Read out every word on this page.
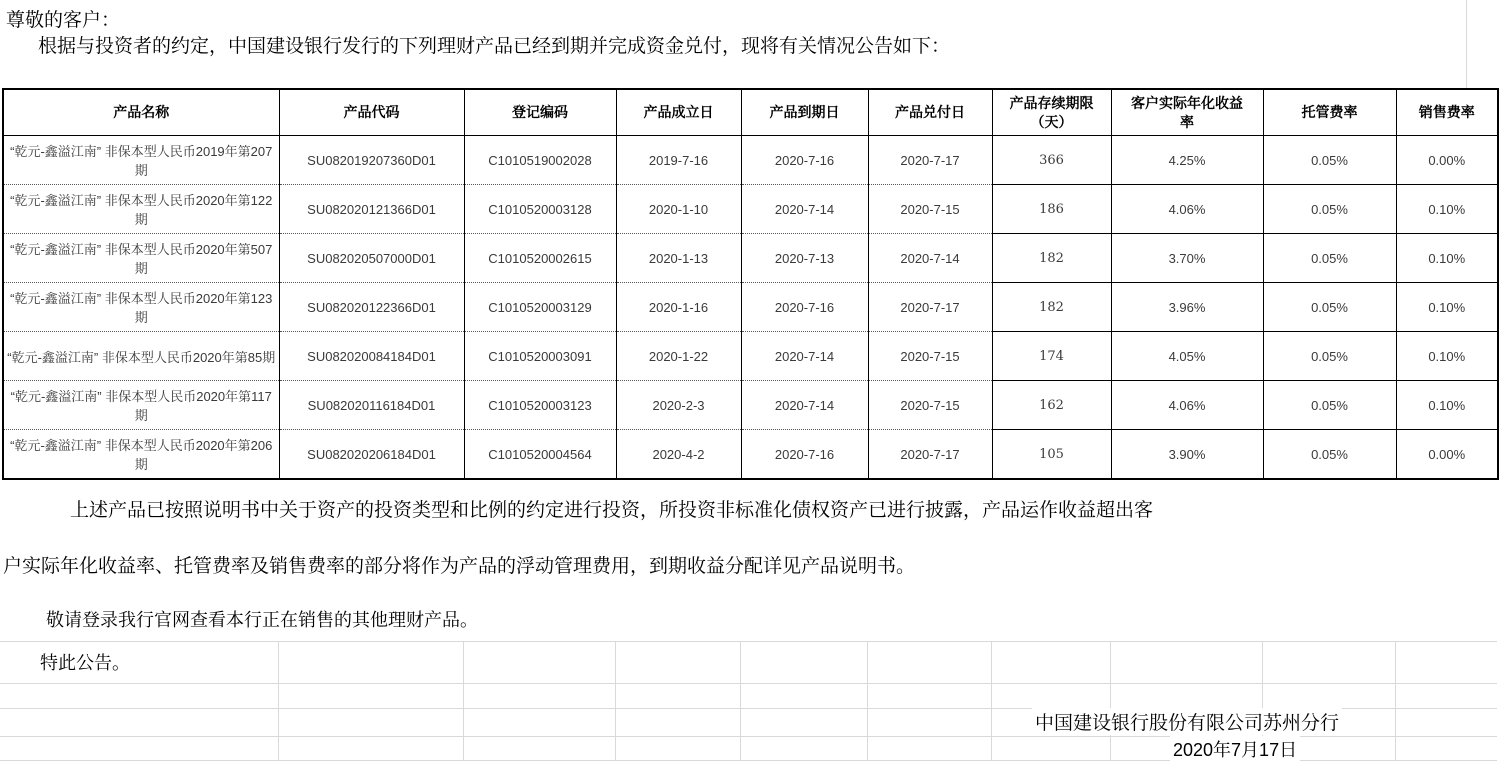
尊敬的客户：
根据与投资者的约定，中国建设银行发行的下列理财产品已经到期并完成资金兑付，现将有关情况公告如下：
产品名称	产品代码	登记编码	产品成立日	产品到期日	产品兑付日	产品存续期限（天）	客户实际年化收益率	托管费率	销售费率
“乾元-鑫溢江南” 非保本型人民币2019年第207期	SU082019207360D01	C1010519002028	2019-7-16	2020-7-16	2020-7-17	366	4.25%	0.05%	0.00%
“乾元-鑫溢江南” 非保本型人民币2020年第122期	SU082020121366D01	C1010520003128	2020-1-10	2020-7-14	2020-7-15	186	4.06%	0.05%	0.10%
“乾元-鑫溢江南” 非保本型人民币2020年第507期	SU082020507000D01	C1010520002615	2020-1-13	2020-7-13	2020-7-14	182	3.70%	0.05%	0.10%
“乾元-鑫溢江南” 非保本型人民币2020年第123期	SU082020122366D01	C1010520003129	2020-1-16	2020-7-16	2020-7-17	182	3.96%	0.05%	0.10%
“乾元-鑫溢江南” 非保本型人民币2020年第85期	SU082020084184D01	C1010520003091	2020-1-22	2020-7-14	2020-7-15	174	4.05%	0.05%	0.10%
“乾元-鑫溢江南” 非保本型人民币2020年第117期	SU082020116184D01	C1010520003123	2020-2-3	2020-7-14	2020-7-15	162	4.06%	0.05%	0.10%
“乾元-鑫溢江南” 非保本型人民币2020年第206期	SU082020206184D01	C1010520004564	2020-4-2	2020-7-16	2020-7-17	105	3.90%	0.05%	0.00%
上述产品已按照说明书中关于资产的投资类型和比例的约定进行投资，所投资非标准化债权资产已进行披露，产品运作收益超出客
户实际年化收益率、托管费率及销售费率的部分将作为产品的浮动管理费用，到期收益分配详见产品说明书。
敬请登录我行官网查看本行正在销售的其他理财产品。
特此公告。
中国建设银行股份有限公司苏州分行
2020年7月17日
